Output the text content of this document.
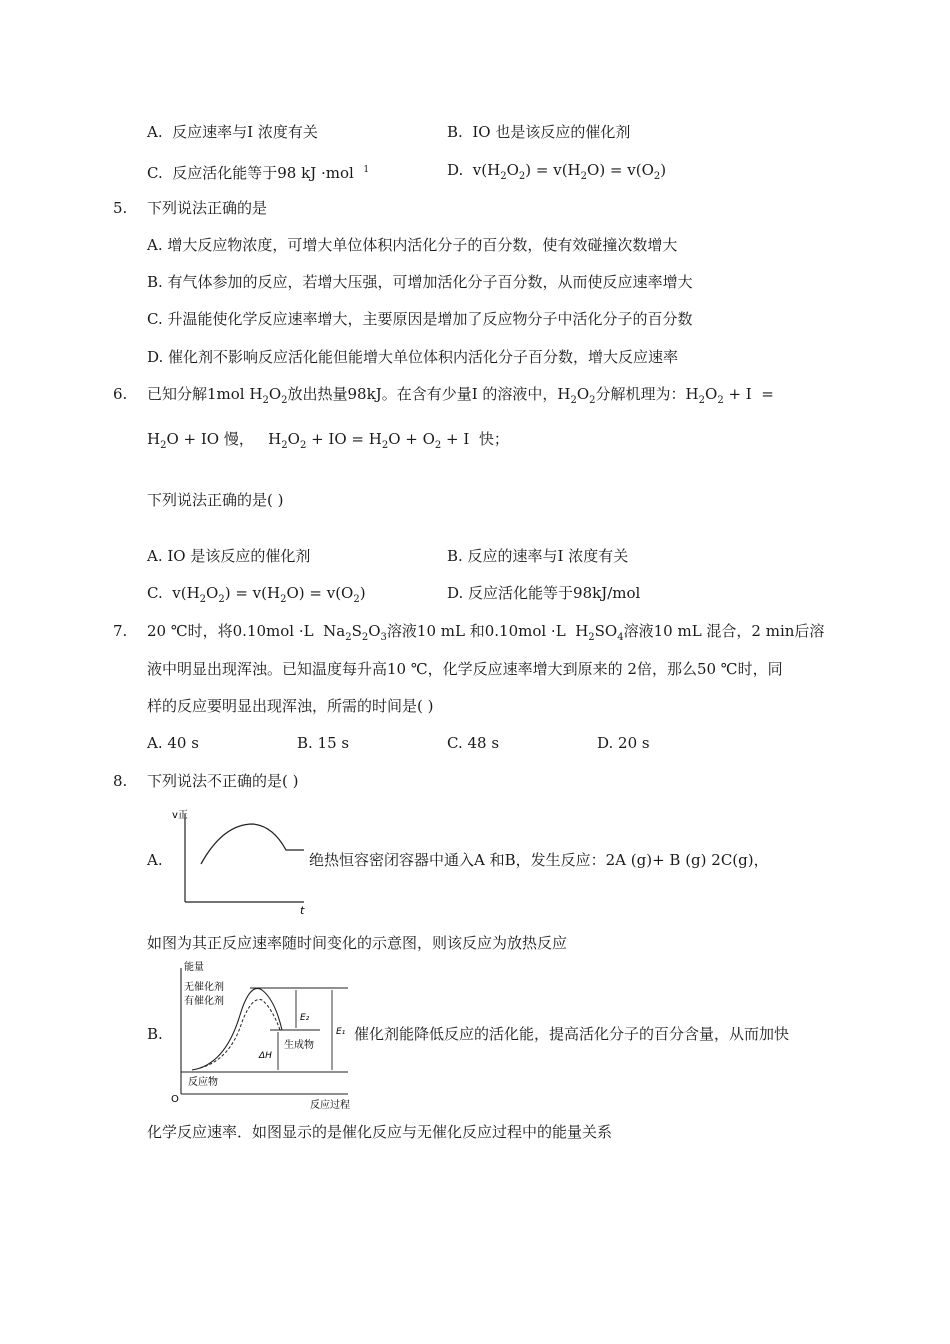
A.  反应速率与I 浓度有关	B.  IO 也是该反应的催化剂
C.  反应活化能等于98 kJ ·mol  $^1$	D.  $v(H_2O_2) = v(H_2O) = v(O_2)$
5. 下列说法正确的是
A. 增大反应物浓度，可增大单位体积内活化分子的百分数，使有效碰撞次数增大
B. 有气体参加的反应，若增大压强，可增加活化分子百分数，从而使反应速率增大
C. 升温能使化学反应速率增大，主要原因是增加了反应物分子中活化分子的百分数
D. 催化剂不影响反应活化能但能增大单位体积内活化分子百分数，增大反应速率
6. 已知分解1mol $H_2O_2$放出热量98kJ。在含有少量I 的溶液中，$H_2O_2$分解机理为：$H_2O_2 + I$  =
$H_2O$ + IO 慢，   $H_2O_2$ + IO = $H_2O + O_2 + I$  快；
下列说法正确的是( )
A. IO 是该反应的催化剂	B. 反应的速率与I 浓度有关
C.  $v(H_2O_2) = v(H_2O) = v(O_2)$	D. 反应活化能等于98kJ/mol
7. 20 ℃时，将0.10mol ·L  $Na_2S_2O_3$溶液10 mL 和0.10mol ·L  $H_2SO_4$溶液10 mL 混合，2 min后溶
液中明显出现浑浊。已知温度每升高10 ℃，化学反应速率增大到原来的 2倍，那么50 ℃时，同
样的反应要明显出现浑浊，所需的时间是( )
A. 40 s	B. 15 s	C. 48 s	D. 20 s
8. 下列说法不正确的是( )
A.
v正
t
绝热恒容密闭容器中通入A 和B，发生反应：2A (g)+ B (g) 2C(g)，
如图为其正反应速率随时间变化的示意图，则该反应为放热反应
B.
能量
无催化剂
有催化剂
E₂
E₁
ΔH
生成物
反应物
O
反应过程
催化剂能降低反应的活化能，提高活化分子的百分含量，从而加快
化学反应速率．如图显示的是催化反应与无催化反应过程中的能量关系
